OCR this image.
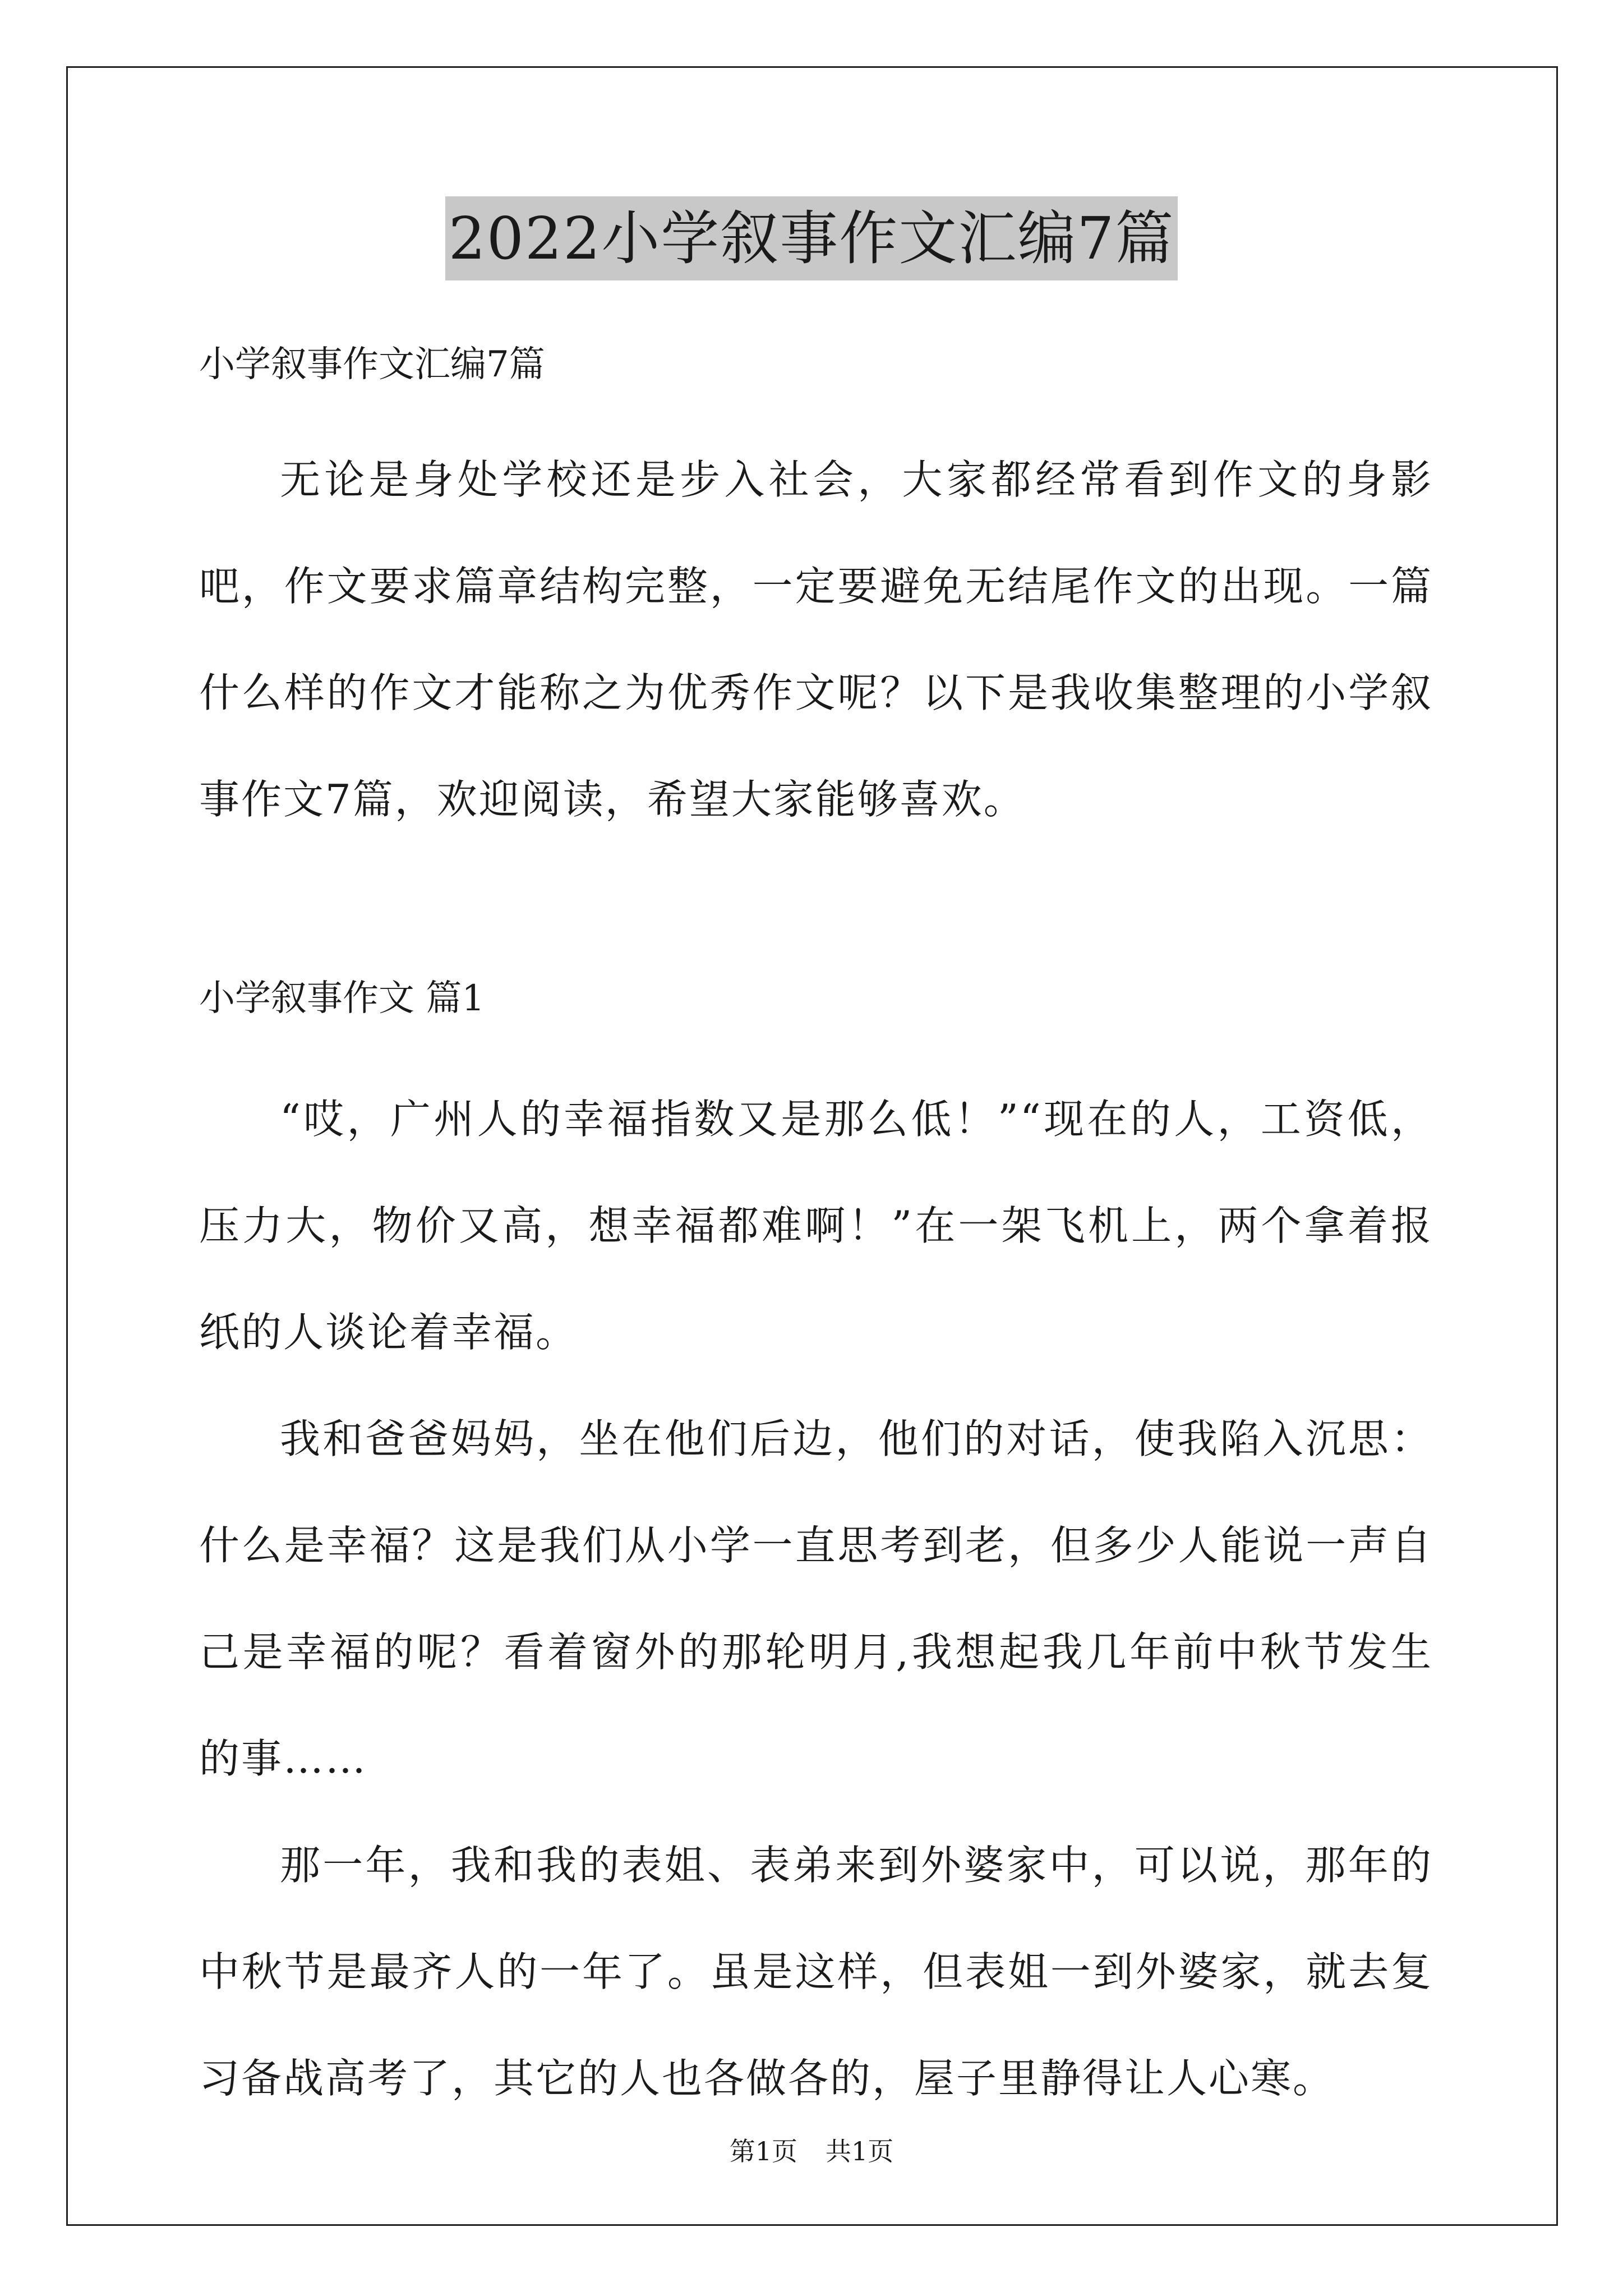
2022小学叙事作文汇编7篇
小学叙事作文汇编7篇

无论是身处学校还是步入社会，大家都经常看到作文的身影吧，作文要求篇章结构完整，一定要避免无结尾作文的出现。一篇什么样的作文才能称之为优秀作文呢？以下是我收集整理的小学叙事作文7篇，欢迎阅读，希望大家能够喜欢。

小学叙事作文 篇1

“哎，广州人的幸福指数又是那么低！”“现在的人，工资低，压力大，物价又高，想幸福都难啊！”在一架飞机上，两个拿着报纸的人谈论着幸福。

我和爸爸妈妈，坐在他们后边，他们的对话，使我陷入沉思：什么是幸福？这是我们从小学一直思考到老，但多少人能说一声自己是幸福的呢？看着窗外的那轮明月,我想起我几年前中秋节发生的事……

那一年，我和我的表姐、表弟来到外婆家中，可以说，那年的中秋节是最齐人的一年了。虽是这样，但表姐一到外婆家，就去复习备战高考了，其它的人也各做各的，屋子里静得让人心寒。

第1页 共1页
